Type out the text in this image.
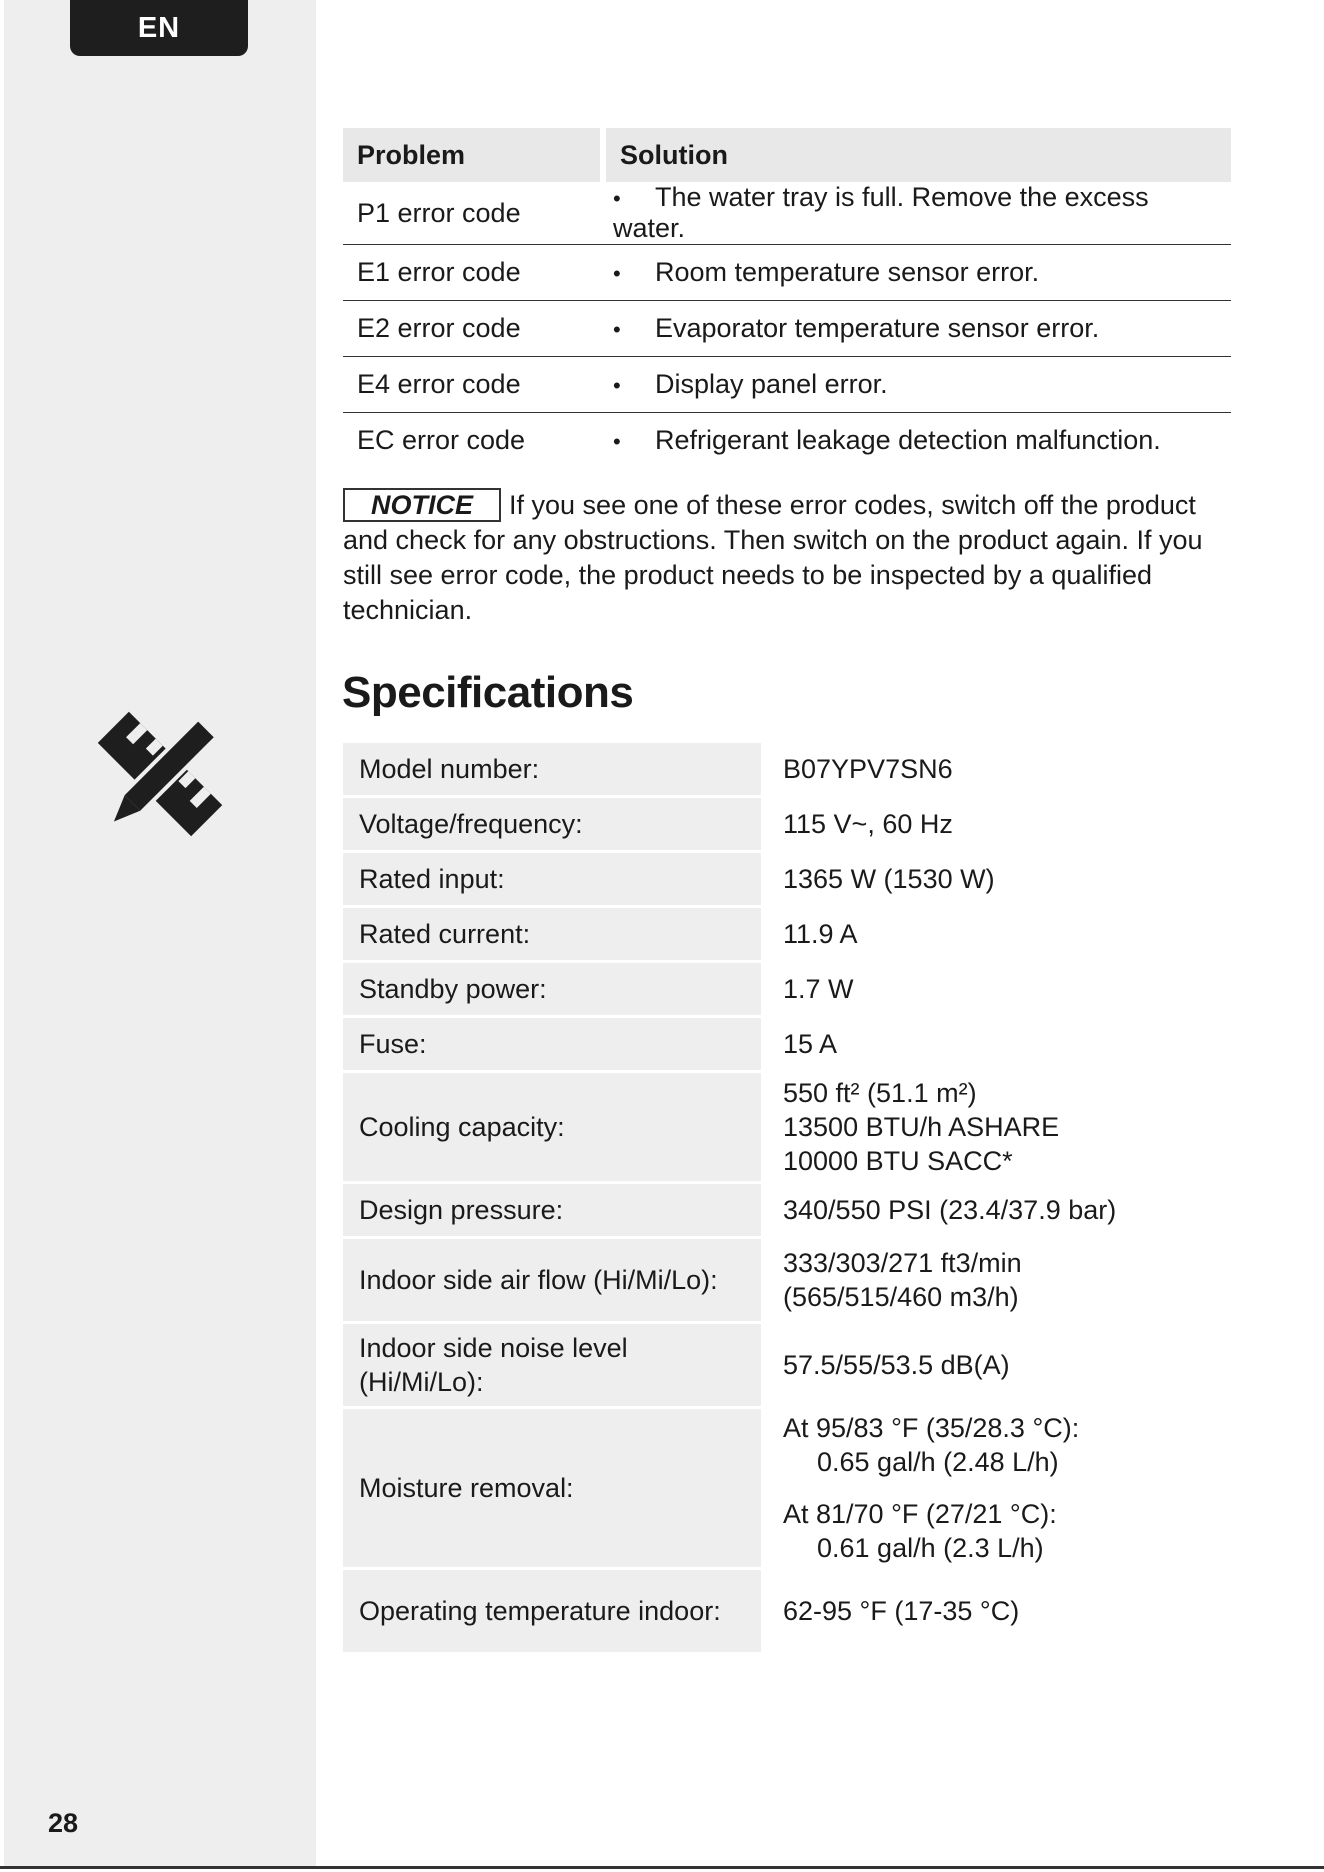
EN
Problem	Solution
P1 error code	• The water tray is full. Remove the excess water.
E1 error code	• Room temperature sensor error.
E2 error code	• Evaporator temperature sensor error.
E4 error code	• Display panel error.
EC error code	• Refrigerant leakage detection malfunction.
NOTICE If you see one of these error codes, switch off the product and check for any obstructions. Then switch on the product again. If you still see error code, the product needs to be inspected by a qualified technician.
Specifications
Model number:	B07YPV7SN6

Voltage/frequency:	115 V~, 60 Hz

Rated input:	1365 W (1530 W)

Rated current:	11.9 A

Standby power:	1.7 W

Fuse:	15 A

Cooling capacity:	550 ft² (51.1 m²)
13500 BTU/h ASHARE
10000 BTU SACC*

Design pressure:	340/550 PSI (23.4/37.9 bar)

Indoor side air flow (Hi/Mi/Lo):	333/303/271 ft3/min
(565/515/460 m3/h)

Indoor side noise level (Hi/Mi/Lo):	57.5/55/53.5 dB(A)

Moisture removal:	At 95/83 °F (35/28.3 °C):
0.65 gal/h (2.48 L/h)
At 81/70 °F (27/21 °C):
0.61 gal/h (2.3 L/h)

Operating temperature indoor:	62-95 °F (17-35 °C)
28
